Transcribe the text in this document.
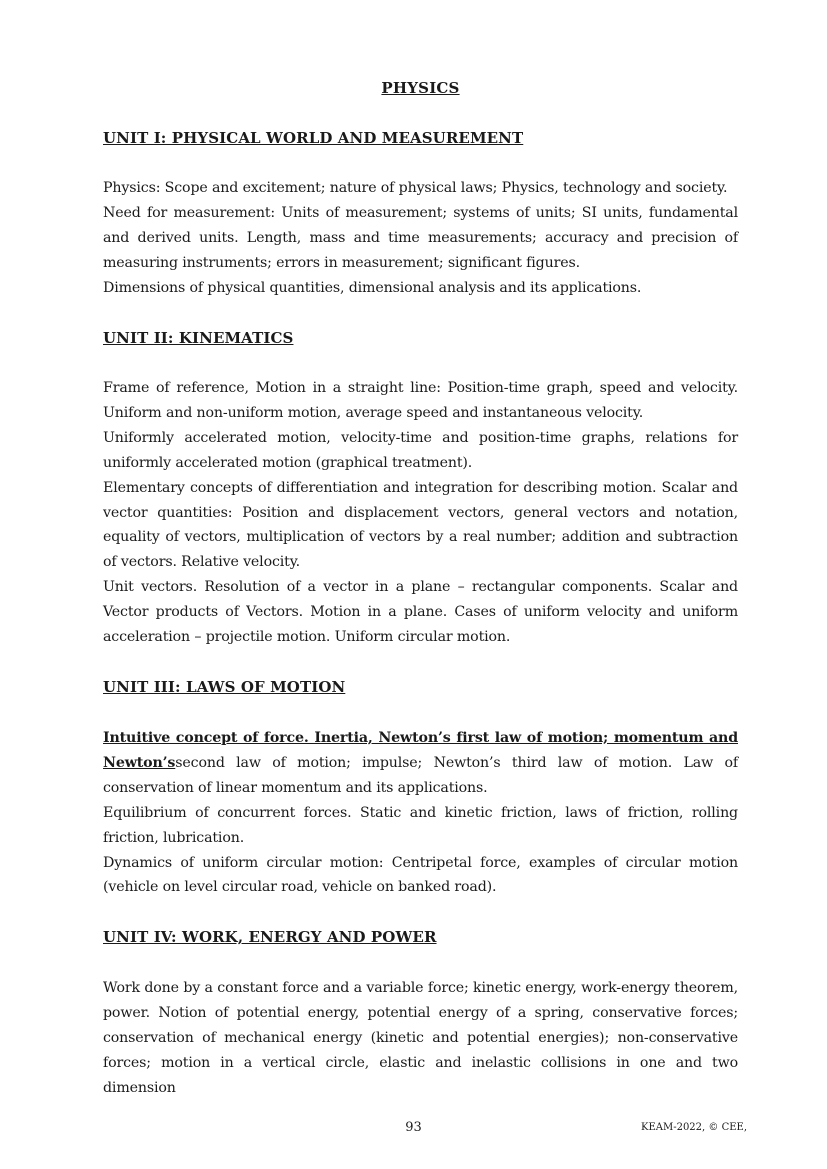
PHYSICS
UNIT I: PHYSICAL WORLD AND MEASUREMENT

Physics: Scope and excitement; nature of physical laws; Physics, technology and society.

Need for measurement: Units of measurement; systems of units; SI units, fundamental and derived units. Length, mass and time measurements; accuracy and precision of measuring instruments; errors in measurement; significant figures.

Dimensions of physical quantities, dimensional analysis and its applications.

UNIT II: KINEMATICS

Frame of reference, Motion in a straight line: Position-time graph, speed and velocity. Uniform and non-uniform motion, average speed and instantaneous velocity.

Uniformly accelerated motion, velocity-time and position-time graphs, relations for uniformly accelerated motion (graphical treatment).

Elementary concepts of differentiation and integration for describing motion. Scalar and vector quantities: Position and displacement vectors, general vectors and notation, equality of vectors, multiplication of vectors by a real number; addition and subtraction of vectors. Relative velocity.

Unit vectors. Resolution of a vector in a plane – rectangular components. Scalar and Vector products of Vectors. Motion in a plane. Cases of uniform velocity and uniform acceleration – projectile motion. Uniform circular motion.

UNIT III: LAWS OF MOTION

Intuitive concept of force. Inertia, Newton’s first law of motion; momentum and Newton’ssecond law of motion; impulse; Newton’s third law of motion. Law of conservation of linear momentum and its applications.

Equilibrium of concurrent forces. Static and kinetic friction, laws of friction, rolling friction, lubrication.

Dynamics of uniform circular motion: Centripetal force, examples of circular motion (vehicle on level circular road, vehicle on banked road).

UNIT IV: WORK, ENERGY AND POWER

Work done by a constant force and a variable force; kinetic energy, work-energy theorem, power. Notion of potential energy, potential energy of a spring, conservative forces; conservation of mechanical energy (kinetic and potential energies); non-conservative forces; motion in a vertical circle, elastic and inelastic collisions in one and two dimension

93	KEAM-2022, © CEE,
